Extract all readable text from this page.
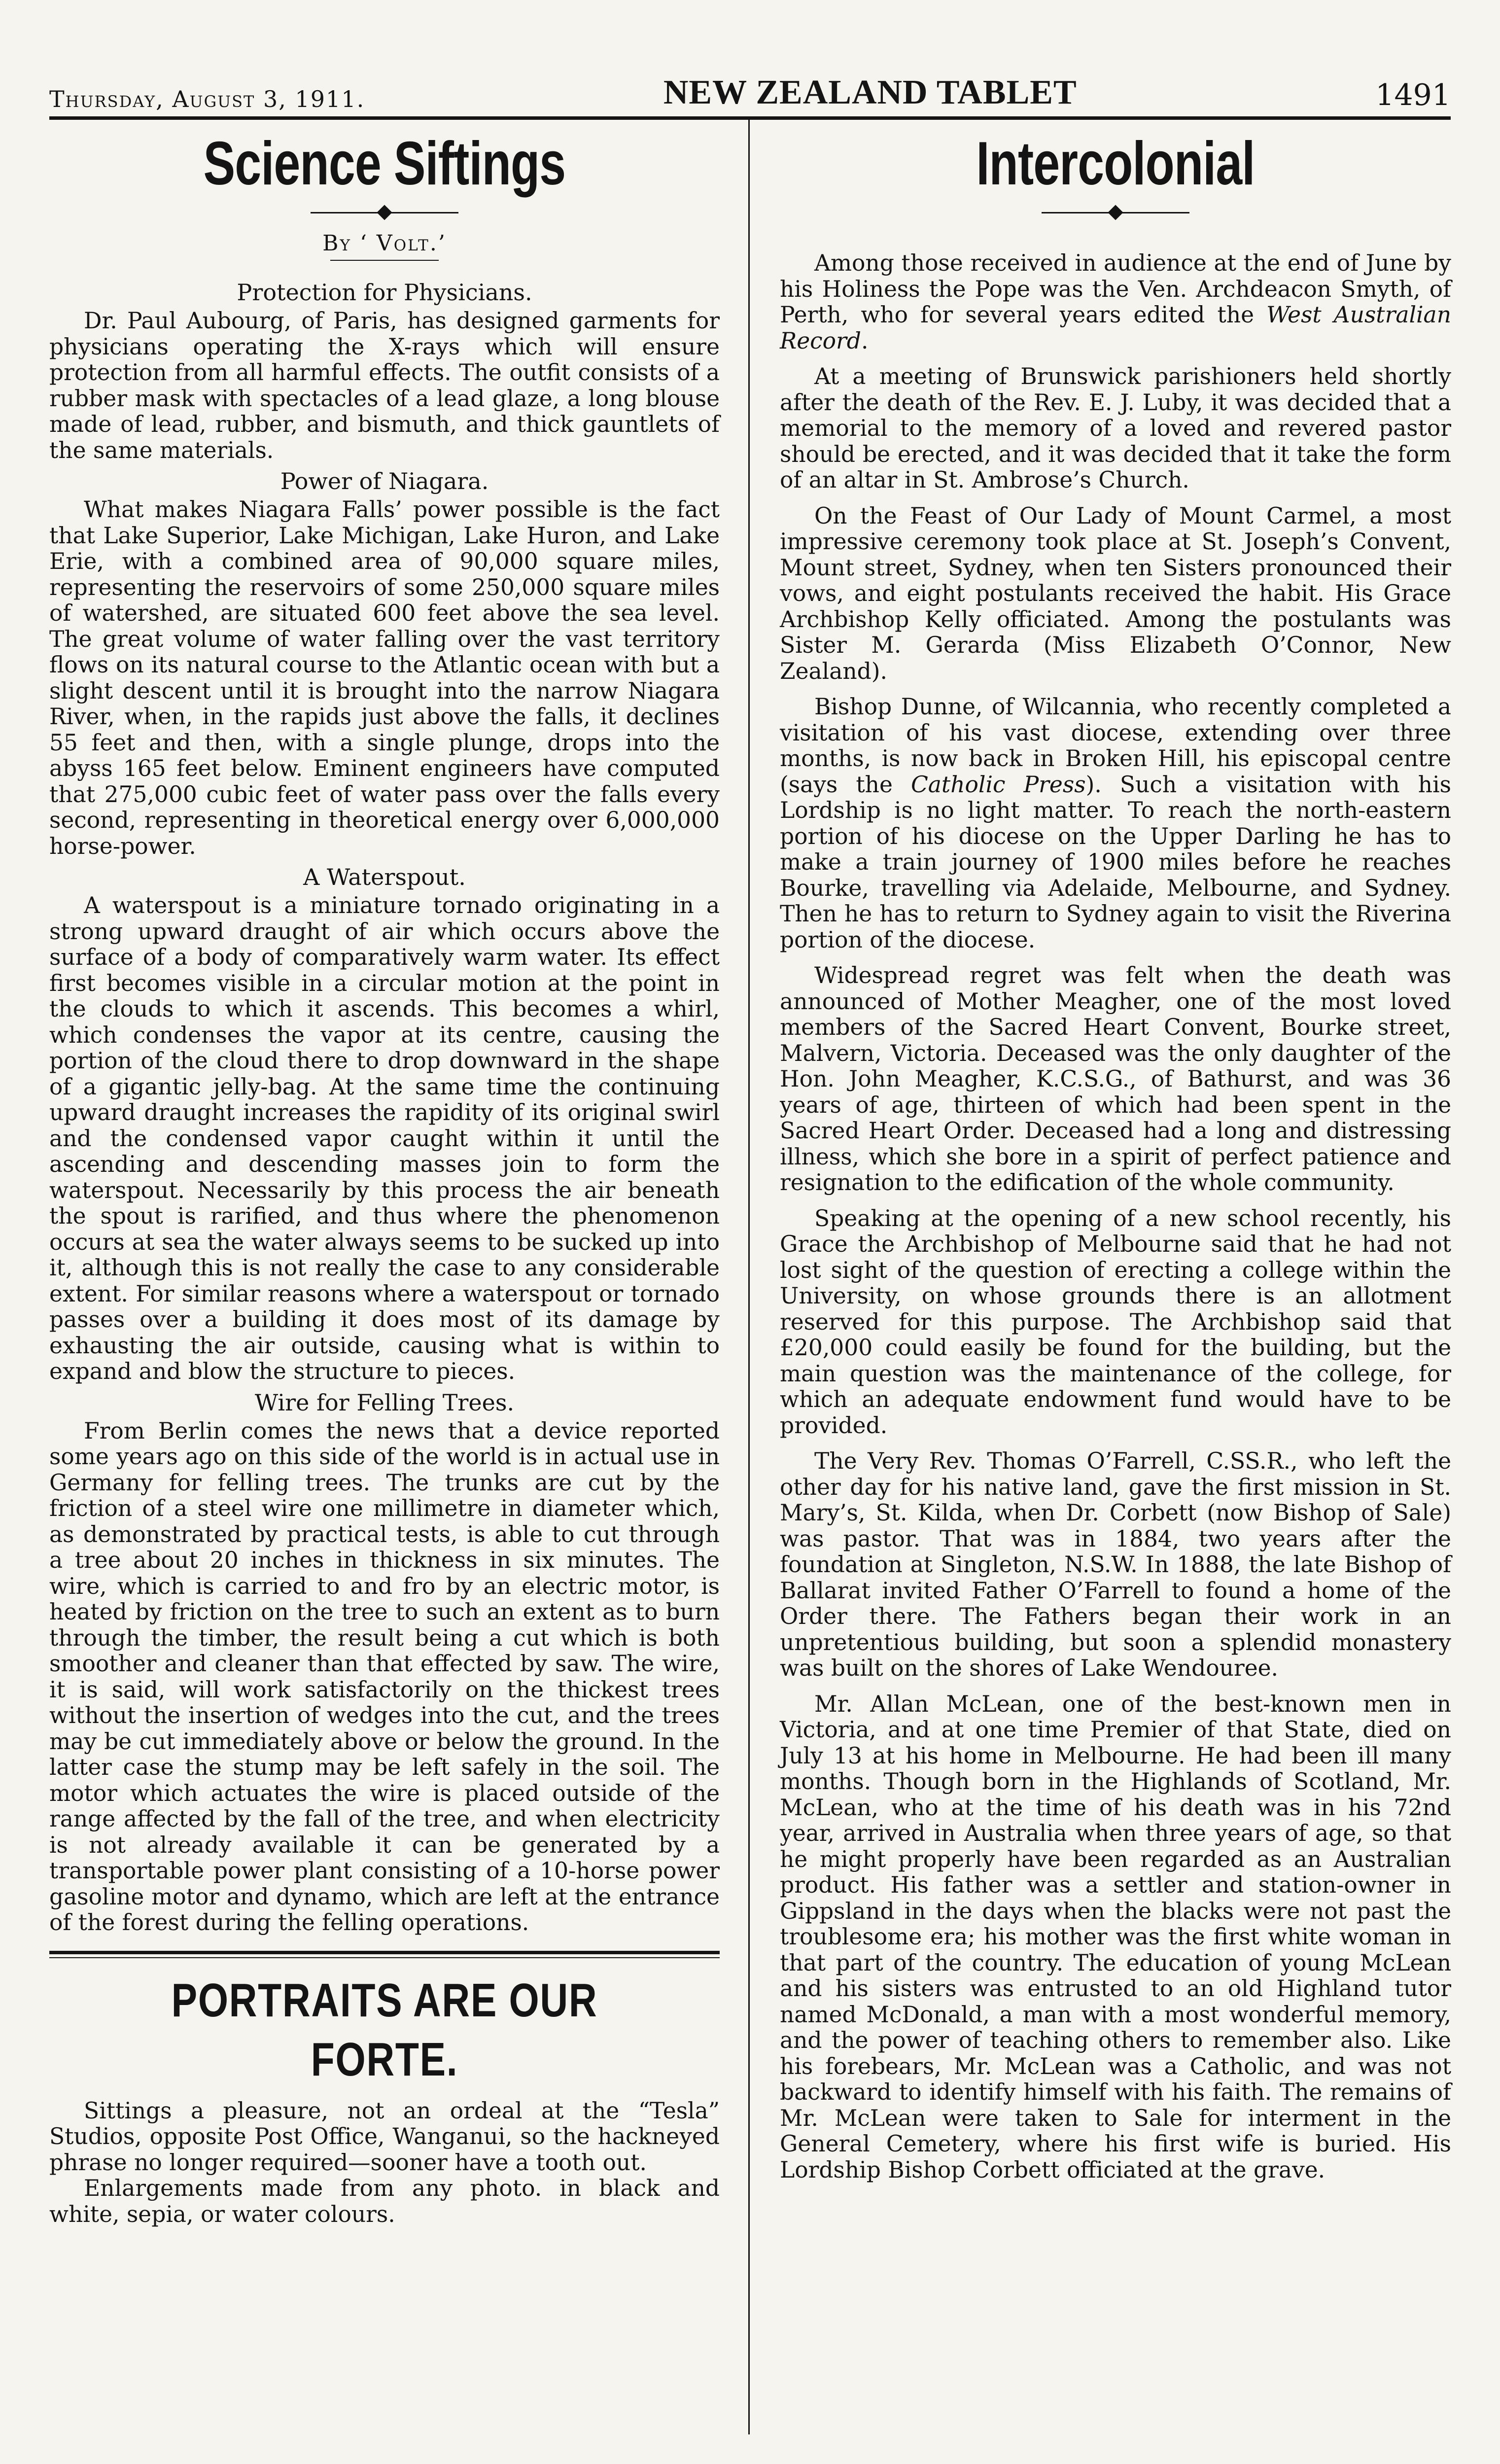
Thursday, August 3, 1911.	NEW ZEALAND TABLET	1491
Science Siftings
By ‘ Volt.’
Protection for Physicians.

Dr. Paul Aubourg, of Paris, has designed garments for physicians operating the X-rays which will ensure protection from all harmful effects. The outfit consists of a rubber mask with spectacles of a lead glaze, a long blouse made of lead, rubber, and bismuth, and thick gauntlets of the same materials.

Power of Niagara.

What makes Niagara Falls’ power possible is the fact that Lake Superior, Lake Michigan, Lake Huron, and Lake Erie, with a combined area of 90,000 square miles, representing the reservoirs of some 250,000 square miles of watershed, are situated 600 feet above the sea level. The great volume of water falling over the vast territory flows on its natural course to the Atlantic ocean with but a slight descent until it is brought into the narrow Niagara River, when, in the rapids just above the falls, it declines 55 feet and then, with a single plunge, drops into the abyss 165 feet below. Eminent engineers have computed that 275,000 cubic feet of water pass over the falls every second, representing in theoretical energy over 6,000,000 horse-power.

A Waterspout.

A waterspout is a miniature tornado originating in a strong upward draught of air which occurs above the surface of a body of comparatively warm water. Its effect first becomes visible in a circular motion at the point in the clouds to which it ascends. This becomes a whirl, which condenses the vapor at its centre, causing the portion of the cloud there to drop downward in the shape of a gigantic jelly-bag. At the same time the continuing upward draught increases the rapidity of its original swirl and the condensed vapor caught within it until the ascending and descending masses join to form the waterspout. Necessarily by this process the air beneath the spout is rarified, and thus where the phenomenon occurs at sea the water always seems to be sucked up into it, although this is not really the case to any considerable extent. For similar reasons where a waterspout or tornado passes over a building it does most of its damage by exhausting the air outside, causing what is within to expand and blow the structure to pieces.

Wire for Felling Trees.

From Berlin comes the news that a device reported some years ago on this side of the world is in actual use in Germany for felling trees. The trunks are cut by the friction of a steel wire one millimetre in diameter which, as demonstrated by practical tests, is able to cut through a tree about 20 inches in thickness in six minutes. The wire, which is carried to and fro by an electric motor, is heated by friction on the tree to such an extent as to burn through the timber, the result being a cut which is both smoother and cleaner than that effected by saw. The wire, it is said, will work satisfactorily on the thickest trees without the insertion of wedges into the cut, and the trees may be cut immediately above or below the ground. In the latter case the stump may be left safely in the soil. The motor which actuates the wire is placed outside of the range affected by the fall of the tree, and when electricity is not already available it can be generated by a transportable power plant consisting of a 10-horse power gasoline motor and dynamo, which are left at the entrance of the forest during the felling operations.

PORTRAITS ARE OUR FORTE.

Sittings a pleasure, not an ordeal at the “Tesla” Studios, opposite Post Office, Wanganui, so the hackneyed phrase no longer required—sooner have a tooth out.

Enlargements made from any photo. in black and white, sepia, or water colours.

Intercolonial

Among those received in audience at the end of June by his Holiness the Pope was the Ven. Archdeacon Smyth, of Perth, who for several years edited the West Australian Record.

At a meeting of Brunswick parishioners held shortly after the death of the Rev. E. J. Luby, it was decided that a memorial to the memory of a loved and revered pastor should be erected, and it was decided that it take the form of an altar in St. Ambrose’s Church.

On the Feast of Our Lady of Mount Carmel, a most impressive ceremony took place at St. Joseph’s Convent, Mount street, Sydney, when ten Sisters pronounced their vows, and eight postulants received the habit. His Grace Archbishop Kelly officiated. Among the postulants was Sister M. Gerarda (Miss Elizabeth O’Connor, New Zealand).

Bishop Dunne, of Wilcannia, who recently completed a visitation of his vast diocese, extending over three months, is now back in Broken Hill, his episcopal centre (says the Catholic Press). Such a visitation with his Lordship is no light matter. To reach the north-eastern portion of his diocese on the Upper Darling he has to make a train journey of 1900 miles before he reaches Bourke, travelling via Adelaide, Melbourne, and Sydney. Then he has to return to Sydney again to visit the Riverina portion of the diocese.

Widespread regret was felt when the death was announced of Mother Meagher, one of the most loved members of the Sacred Heart Convent, Bourke street, Malvern, Victoria. Deceased was the only daughter of the Hon. John Meagher, K.C.S.G., of Bathurst, and was 36 years of age, thirteen of which had been spent in the Sacred Heart Order. Deceased had a long and distressing illness, which she bore in a spirit of perfect patience and resignation to the edification of the whole community.

Speaking at the opening of a new school recently, his Grace the Archbishop of Melbourne said that he had not lost sight of the question of erecting a college within the University, on whose grounds there is an allotment reserved for this purpose. The Archbishop said that £20,000 could easily be found for the building, but the main question was the maintenance of the college, for which an adequate endowment fund would have to be provided.

The Very Rev. Thomas O’Farrell, C.SS.R., who left the other day for his native land, gave the first mission in St. Mary’s, St. Kilda, when Dr. Corbett (now Bishop of Sale) was pastor. That was in 1884, two years after the foundation at Singleton, N.S.W. In 1888, the late Bishop of Ballarat invited Father O’Farrell to found a home of the Order there. The Fathers began their work in an unpretentious building, but soon a splendid monastery was built on the shores of Lake Wendouree.

Mr. Allan McLean, one of the best-known men in Victoria, and at one time Premier of that State, died on July 13 at his home in Melbourne. He had been ill many months. Though born in the Highlands of Scotland, Mr. McLean, who at the time of his death was in his 72nd year, arrived in Australia when three years of age, so that he might properly have been regarded as an Australian product. His father was a settler and station-owner in Gippsland in the days when the blacks were not past the troublesome era; his mother was the first white woman in that part of the country. The education of young McLean and his sisters was entrusted to an old Highland tutor named McDonald, a man with a most wonderful memory, and the power of teaching others to remember also. Like his forebears, Mr. McLean was a Catholic, and was not backward to identify himself with his faith. The remains of Mr. McLean were taken to Sale for interment in the General Cemetery, where his first wife is buried. His Lordship Bishop Corbett officiated at the grave.
